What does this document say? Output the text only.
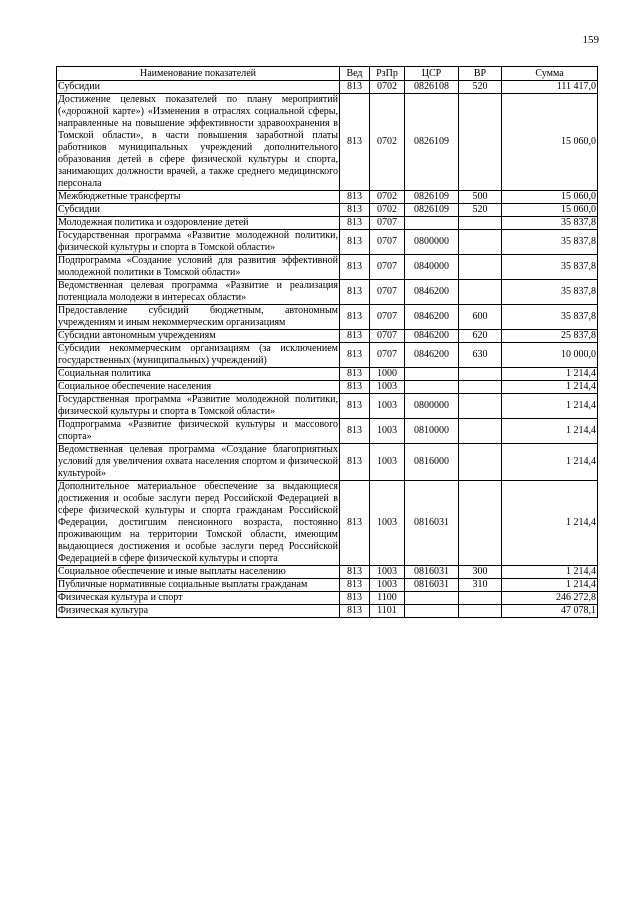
159
Наименование показателей	Вед	РзПр	ЦСР	ВР	Сумма
Субсидии	813	0702	0826108	520	111 417,0
Достижение целевых показателей по плану мероприятий («дорожной карте») «Изменения в отраслях социальной сферы, направленные на повышение эффективности здравоохранения в Томской области», в части повышения заработной платы работников муниципальных учреждений дополнительного образования детей в сфере физической культуры и спорта, занимающих должности врачей, а также среднего медицинского персонала	813	0702	0826109		15 060,0
Межбюджетные трансферты	813	0702	0826109	500	15 060,0
Субсидии	813	0702	0826109	520	15 060,0
Молодежная политика и оздоровление детей	813	0707			35 837,8
Государственная программа «Развитие молодежной политики, физической культуры и спорта в Томской области»	813	0707	0800000		35 837,8
Подпрограмма «Создание условий для развития эффективной молодежной политики в Томской области»	813	0707	0840000		35 837,8
Ведомственная целевая программа «Развитие и реализация потенциала молодежи в интересах области»	813	0707	0846200		35 837,8
Предоставление субсидий бюджетным, автономным учреждениям и иным некоммерческим организациям	813	0707	0846200	600	35 837,8
Субсидии автономным учреждениям	813	0707	0846200	620	25 837,8
Субсидии некоммерческим организациям (за исключением государственных (муниципальных) учреждений)	813	0707	0846200	630	10 000,0
Социальная политика	813	1000			1 214,4
Социальное обеспечение населения	813	1003			1 214,4
Государственная программа «Развитие молодежной политики, физической культуры и спорта в Томской области»	813	1003	0800000		1 214,4
Подпрограмма «Развитие физической культуры и массового спорта»	813	1003	0810000		1 214,4
Ведомственная целевая программа «Создание благоприятных условий для увеличения охвата населения спортом и физической культурой»	813	1003	0816000		1 214,4
Дополнительное материальное обеспечение за выдающиеся достижения и особые заслуги перед Российской Федерацией в сфере физической культуры и спорта гражданам Российской Федерации, достигшим пенсионного возраста, постоянно проживающим на территории Томской области, имеющим выдающиеся достижения и особые заслуги перед Российской Федерацией в сфере физической культуры и спорта	813	1003	0816031		1 214,4
Социальное обеспечение и иные выплаты населению	813	1003	0816031	300	1 214,4
Публичные нормативные социальные выплаты гражданам	813	1003	0816031	310	1 214,4
Физическая культура и спорт	813	1100			246 272,8
Физическая культура	813	1101			47 078,1
